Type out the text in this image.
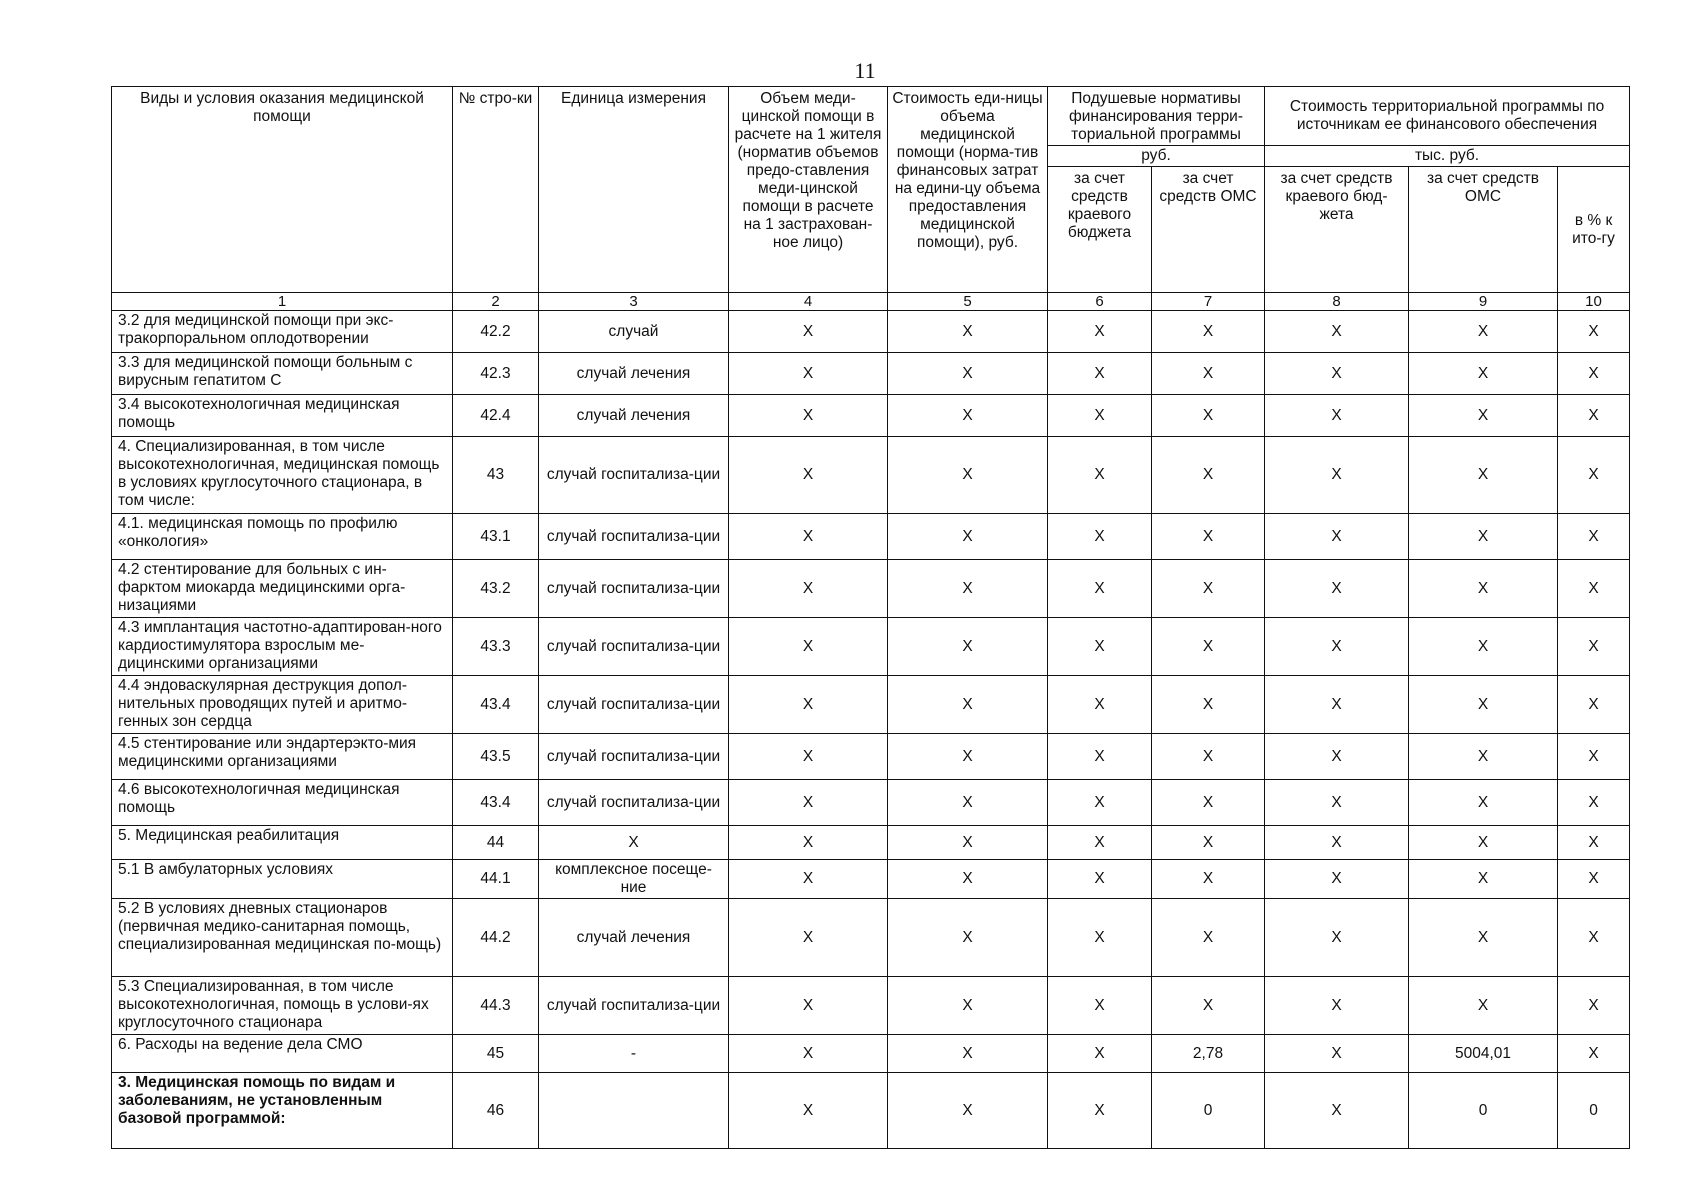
11
Виды и условия оказания медицинской помощи	№ стро-ки	Единица измерения	Объем меди-цинской помощи в расчете на 1 жителя (норматив объемов предо-ставления меди-цинской помощи в расчете на 1 застрахован-ное лицо)	Стоимость еди-ницы объема медицинской помощи (норма-тив финансовых затрат на едини-цу объема предоставления медицинской помощи), руб.	Подушевые нормативы финансирования терри-ториальной программы		Стоимость территориальной программы по источникам ее финансового обеспечения		
					руб.		тыс. руб.		
					за счет средств краевого бюджета	за счет средств ОМС	за счет средств краевого бюд-жета	за счет средств ОМС	в % к ито-гу
1	2	3	4	5	6	7	8	9	10
3.2 для медицинской помощи при экс-тракорпоральном оплодотворении	42.2	случай	X	X	X	X	X	X	X
3.3 для медицинской помощи больным с вирусным гепатитом С	42.3	случай лечения	X	X	X	X	X	X	X
3.4 высокотехнологичная медицинская помощь	42.4	случай лечения	X	X	X	X	X	X	X
4. Специализированная, в том числе высокотехнологичная, медицинская помощь в условиях круглосуточного стационара, в том числе:	43	случай госпитализа-ции	X	X	X	X	X	X	X
4.1. медицинская помощь по профилю «онкология»	43.1	случай госпитализа-ции	X	X	X	X	X	X	X
4.2 стентирование для больных с ин-фарктом миокарда медицинскими орга-низациями	43.2	случай госпитализа-ции	X	X	X	X	X	X	X
4.3 имплантация частотно-адаптирован-ного кардиостимулятора взрослым ме-дицинскими организациями	43.3	случай госпитализа-ции	X	X	X	X	X	X	X
4.4 эндоваскулярная деструкция допол-нительных проводящих путей и аритмо-генных зон сердца	43.4	случай госпитализа-ции	X	X	X	X	X	X	X
4.5 стентирование или эндартерэкто-мия медицинскими организациями	43.5	случай госпитализа-ции	X	X	X	X	X	X	X
4.6 высокотехнологичная медицинская помощь	43.4	случай госпитализа-ции	X	X	X	X	X	X	X
5. Медицинская реабилитация	44	X	X	X	X	X	X	X	X
5.1 В амбулаторных условиях	44.1	комплексное посеще-ние	X	X	X	X	X	X	X
5.2 В условиях дневных стационаров (первичная медико-санитарная помощь, специализированная медицинская по-мощь)	44.2	случай лечения	X	X	X	X	X	X	X
5.3 Специализированная, в том числе высокотехнологичная, помощь в услови-ях круглосуточного стационара	44.3	случай госпитализа-ции	X	X	X	X	X	X	X
6. Расходы на ведение дела СМО	45	-	X	X	X	2,78	X	5004,01	X
3. Медицинская помощь по видам и заболеваниям, не установленным базовой программой:	46		X	X	X	0	X	0	0
